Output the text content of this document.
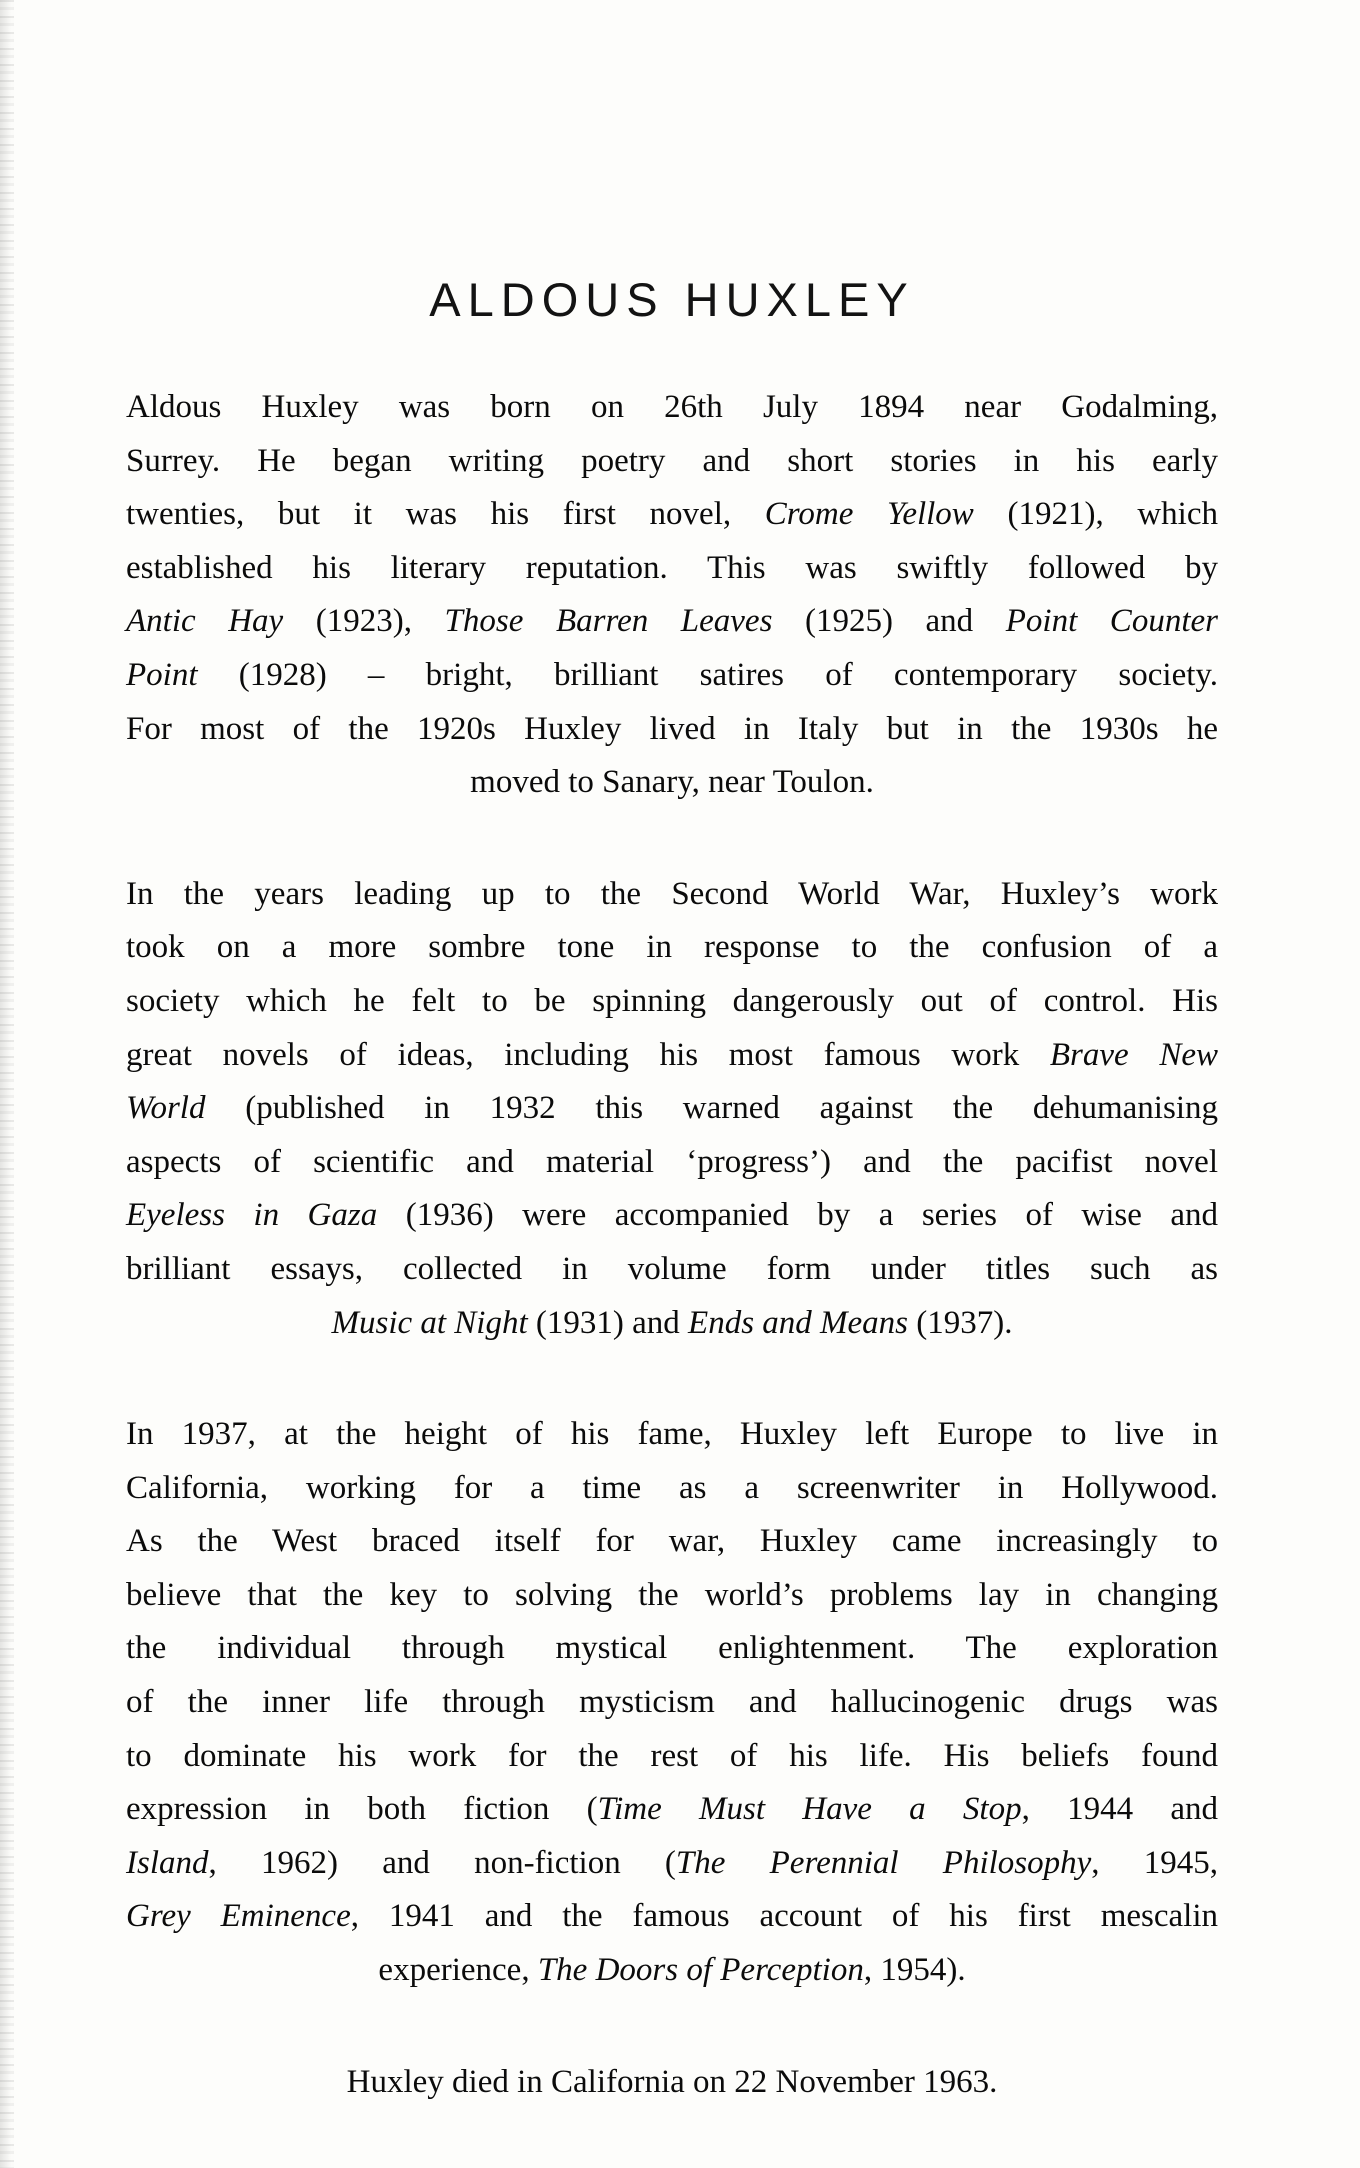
ALDOUS HUXLEY
Aldous Huxley was born on 26th July 1894 near Godalming,
Surrey. He began writing poetry and short stories in his early
twenties, but it was his first novel, Crome Yellow (1921), which
established his literary reputation. This was swiftly followed by
Antic Hay (1923), Those Barren Leaves (1925) and Point Counter
Point (1928) – bright, brilliant satires of contemporary society.
For most of the 1920s Huxley lived in Italy but in the 1930s he
moved to Sanary, near Toulon.
In the years leading up to the Second World War, Huxley’s work
took on a more sombre tone in response to the confusion of a
society which he felt to be spinning dangerously out of control. His
great novels of ideas, including his most famous work Brave New
World (published in 1932 this warned against the dehumanising
aspects of scientific and material ‘progress’) and the pacifist novel
Eyeless in Gaza (1936) were accompanied by a series of wise and
brilliant essays, collected in volume form under titles such as
Music at Night (1931) and Ends and Means (1937).
In 1937, at the height of his fame, Huxley left Europe to live in
California, working for a time as a screenwriter in Hollywood.
As the West braced itself for war, Huxley came increasingly to
believe that the key to solving the world’s problems lay in changing
the individual through mystical enlightenment. The exploration
of the inner life through mysticism and hallucinogenic drugs was
to dominate his work for the rest of his life. His beliefs found
expression in both fiction (Time Must Have a Stop, 1944 and
Island, 1962) and non-fiction (The Perennial Philosophy, 1945,
Grey Eminence, 1941 and the famous account of his first mescalin
experience, The Doors of Perception, 1954).
Huxley died in California on 22 November 1963.
